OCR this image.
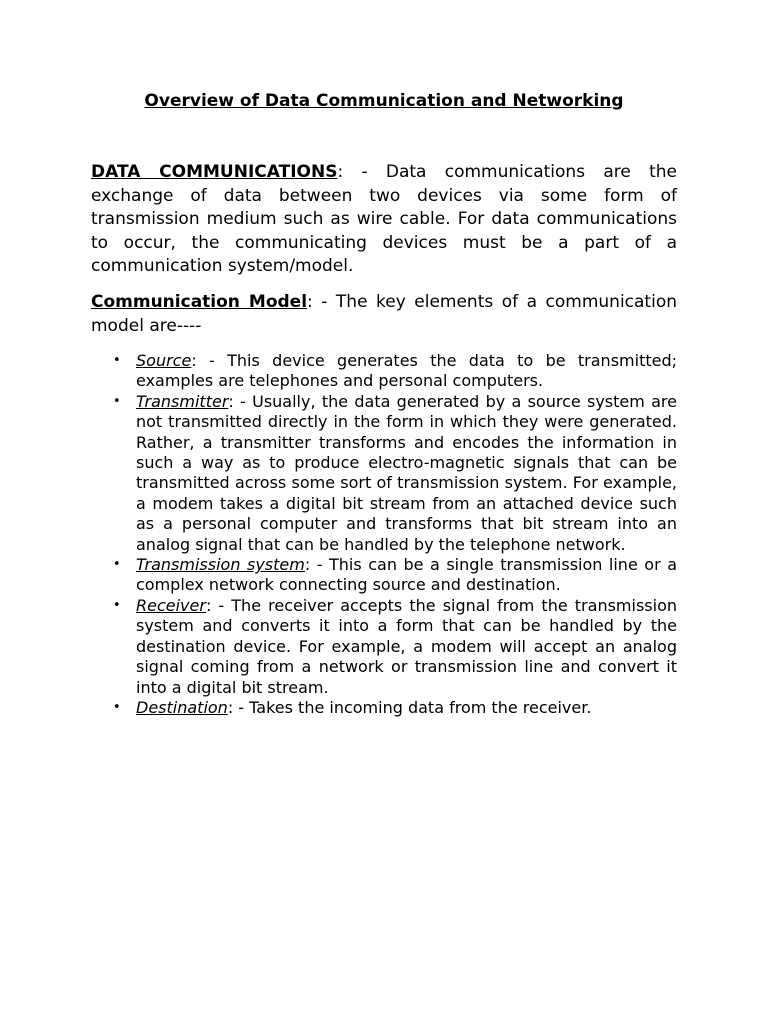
Overview of Data Communication and Networking

DATA COMMUNICATIONS: - Data communications are the exchange of data between two devices via some form of transmission medium such as wire cable. For data communications to occur, the communicating devices must be a part of a communication system/model.

Communication Model: - The key elements of a communication model are----

• Source: - This device generates the data to be transmitted; examples are telephones and personal computers.
• Transmitter: - Usually, the data generated by a source system are not transmitted directly in the form in which they were generated. Rather, a transmitter transforms and encodes the information in such a way as to produce electro-magnetic signals that can be transmitted across some sort of transmission system. For example, a modem takes a digital bit stream from an attached device such as a personal computer and transforms that bit stream into an analog signal that can be handled by the telephone network.
• Transmission system: - This can be a single transmission line or a complex network connecting source and destination.
• Receiver: - The receiver accepts the signal from the transmission system and converts it into a form that can be handled by the destination device. For example, a modem will accept an analog signal coming from a network or transmission line and convert it into a digital bit stream.
• Destination: - Takes the incoming data from the receiver.
